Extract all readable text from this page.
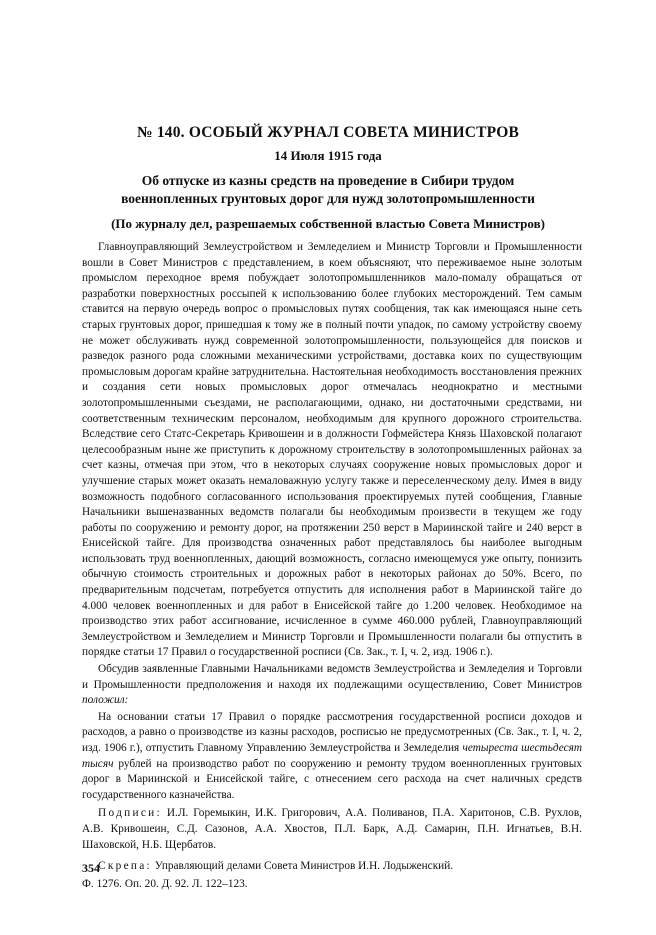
№ 140. ОСОБЫЙ ЖУРНАЛ СОВЕТА МИНИСТРОВ
14 Июля 1915 года
Об отпуске из казны средств на проведение в Сибири трудом
военнопленных грунтовых дорог для нужд золотопромышленности
(По журналу дел, разрешаемых собственной властью Совета Министров)

Главноуправляющий Землеустройством и Земледелием и Министр Торговли и Промышленности вошли в Совет Министров с представлением, в коем объясняют, что переживаемое ныне золотым промыслом переходное время побуждает золотопромышленников мало-помалу обращаться от разработки поверхностных россыпей к использованию более глубоких месторождений. Тем самым ставится на первую очередь вопрос о промысловых путях сообщения, так как имеющаяся ныне сеть старых грунтовых дорог, пришедшая к тому же в полный почти упадок, по самому устройству своему не может обслуживать нужд современной золотопромышленности, пользующейся для поисков и разведок разного рода сложными механическими устройствами, доставка коих по существующим промысловым дорогам крайне затруднительна. Настоятельная необходимость восстановления прежних и создания сети новых промысловых дорог отмечалась неоднократно и местными золотопромышленными съездами, не располагающими, однако, ни достаточными средствами, ни соответственным техническим персоналом, необходимым для крупного дорожного строительства. Вследствие сего Статс-Секретарь Кривошеин и в должности Гофмейстера Князь Шаховской полагают целесообразным ныне же приступить к дорожному строительству в золотопромышленных районах за счет казны, отмечая при этом, что в некоторых случаях сооружение новых промысловых дорог и улучшение старых может оказать немаловажную услугу также и переселенческому делу. Имея в виду возможность подобного согласованного использования проектируемых путей сообщения, Главные Начальники вышеназванных ведомств полагали бы необходимым произвести в текущем же году работы по сооружению и ремонту дорог, на протяжении 250 верст в Мариинской тайге и 240 верст в Енисейской тайге. Для производства означенных работ представлялось бы наиболее выгодным использовать труд военнопленных, дающий возможность, согласно имеющемуся уже опыту, понизить обычную стоимость строительных и дорожных работ в некоторых районах до 50%. Всего, по предварительным подсчетам, потребуется отпустить для исполнения работ в Мариинской тайге до 4.000 человек военнопленных и для работ в Енисейской тайге до 1.200 человек. Необходимое на производство этих работ ассигнование, исчисленное в сумме 460.000 рублей, Главноуправляющий Землеустройством и Земледелием и Министр Торговли и Промышленности полагали бы отпустить в порядке статьи 17 Правил о государственной росписи (Св. Зак., т. I, ч. 2, изд. 1906 г.).

Обсудив заявленные Главными Начальниками ведомств Землеустройства и Земледелия и Торговли и Промышленности предположения и находя их подлежащими осуществлению, Совет Министров положил:

На основании статьи 17 Правил о порядке рассмотрения государственной росписи доходов и расходов, а равно о производстве из казны расходов, росписью не предусмотренных (Св. Зак., т. I, ч. 2, изд. 1906 г.), отпустить Главному Управлению Землеустройства и Земледелия четыреста шестьдесят тысяч рублей на производство работ по сооружению и ремонту трудом военнопленных грунтовых дорог в Мариинской и Енисейской тайге, с отнесением сего расхода на счет наличных средств государственного казначейства.

Подписи: И.Л. Горемыкин, И.К. Григорович, А.А. Поливанов, П.А. Харитонов, С.В. Рухлов, А.В. Кривошеин, С.Д. Сазонов, А.А. Хвостов, П.Л. Барк, А.Д. Самарин, П.Н. Игнатьев, В.Н. Шаховской, Н.Б. Щербатов.

Скрепа: Управляющий делами Совета Министров И.Н. Лодыженский.

Ф. 1276. Оп. 20. Д. 92. Л. 122–123.

354
